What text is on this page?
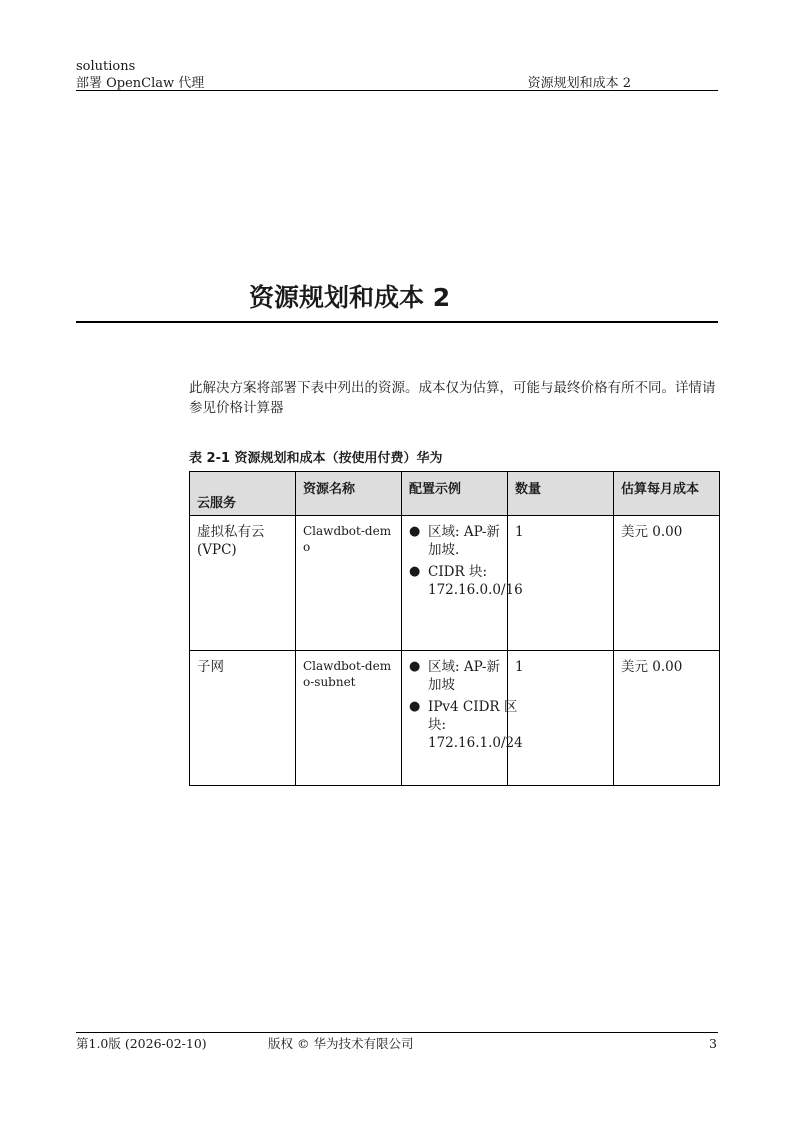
solutions
部署 OpenClaw 代理	资源规划和成本 2
资源规划和成本 2

此解决方案将部署下表中列出的资源。成本仅为估算，可能与最终价格有所不同。详情请参见价格计算器

表 2-1 资源规划和成本（按使用付费）华为
云服务	资源名称	配置示例	数量	估算每月成本
虚拟私有云(VPC)	Clawdbot-demo	● 区域: AP-新加坡.
● CIDR 块: 172.16.0.0/16	1	美元 0.00
子网	Clawdbot-demo-subnet	● 区域: AP-新加坡
● IPv4 CIDR 区块: 172.16.1.0/24	1	美元 0.00
第1.0版 (2026-02-10)	版权 © 华为技术有限公司	3
